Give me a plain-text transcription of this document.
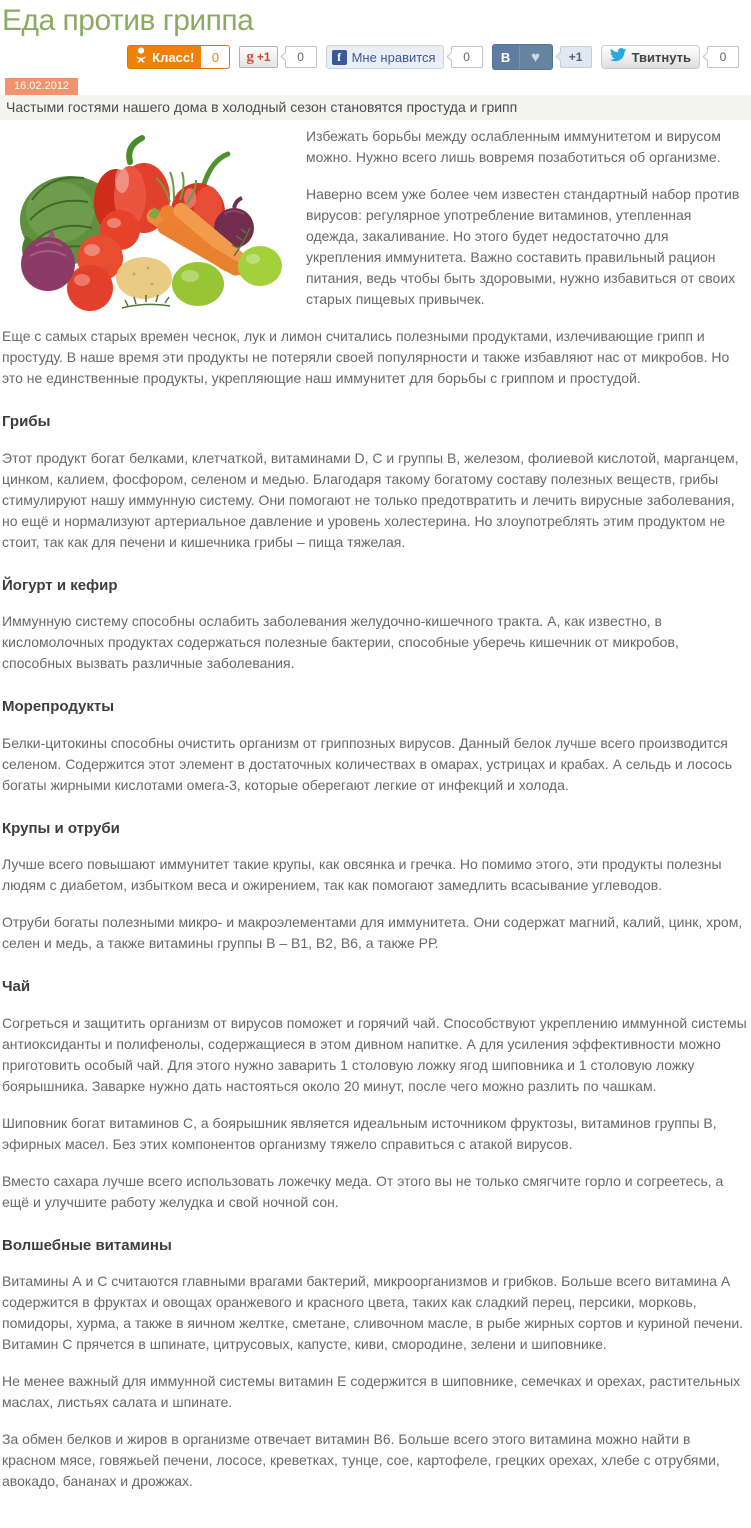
Еда против гриппа
Класс!	0	g +1	0	f Мне нравится	0	В	♥	+1	Твитнуть	0
16.02.2012
Частыми гостями нашего дома в холодный сезон становятся простуда и грипп

Избежать борьбы между ослабленным иммунитетом и вирусом можно. Нужно всего лишь вовремя позаботиться об организме.

Наверно всем уже более чем известен стандартный набор против вирусов: регулярное употребление витаминов, утепленная одежда, закаливание. Но этого будет недостаточно для укрепления иммунитета. Важно составить правильный рацион питания, ведь чтобы быть здоровыми, нужно избавиться от своих старых пищевых привычек.

Еще с самых старых времен чеснок, лук и лимон считались полезными продуктами, излечивающие грипп и простуду. В наше время эти продукты не потеряли своей популярности и также избавляют нас от микробов. Но это не единственные продукты, укрепляющие наш иммунитет для борьбы с гриппом и простудой.

Грибы

Этот продукт богат белками, клетчаткой, витаминами D, C и группы B, железом, фолиевой кислотой, марганцем, цинком, калием, фосфором, селеном и медью. Благодаря такому богатому составу полезных веществ, грибы стимулируют нашу иммунную систему. Они помогают не только предотвратить и лечить вирусные заболевания, но ещё и нормализуют артериальное давление и уровень холестерина. Но злоупотреблять этим продуктом не стоит, так как для печени и кишечника грибы – пища тяжелая.

Йогурт и кефир

Иммунную систему способны ослабить заболевания желудочно-кишечного тракта. А, как известно, в кисломолочных продуктах содержаться полезные бактерии, способные уберечь кишечник от микробов, способных вызвать различные заболевания.

Морепродукты

Белки-цитокины способны очистить организм от гриппозных вирусов. Данный белок лучше всего производится селеном. Содержится этот элемент в достаточных количествах в омарах, устрицах и крабах. А сельдь и лосось богаты жирными кислотами омега-3, которые оберегают легкие от инфекций и холода.

Крупы и отруби

Лучше всего повышают иммунитет такие крупы, как овсянка и гречка. Но помимо этого, эти продукты полезны людям с диабетом, избытком веса и ожирением, так как помогают замедлить всасывание углеводов.

Отруби богаты полезными микро- и макроэлементами для иммунитета. Они содержат магний, калий, цинк, хром, селен и медь, а также витамины группы В – В1, В2, В6, а также РР.

Чай

Согреться и защитить организм от вирусов поможет и горячий чай. Способствуют укреплению иммунной системы антиоксиданты и полифенолы, содержащиеся в этом дивном напитке. А для усиления эффективности можно приготовить особый чай. Для этого нужно заварить 1 столовую ложку ягод шиповника и 1 столовую ложку боярышника. Заварке нужно дать настояться около 20 минут, после чего можно разлить по чашкам.

Шиповник богат витаминов С, а боярышник является идеальным источником фруктозы, витаминов группы В, эфирных масел. Без этих компонентов организму тяжело справиться с атакой вирусов.

Вместо сахара лучше всего использовать ложечку меда. От этого вы не только смягчите горло и согреетесь, а ещё и улучшите работу желудка и свой ночной сон.

Волшебные витамины

Витамины А и С считаются главными врагами бактерий, микроорганизмов и грибков. Больше всего витамина А содержится в фруктах и овощах оранжевого и красного цвета, таких как сладкий перец, персики, морковь, помидоры, хурма, а также в яичном желтке, сметане, сливочном масле, в рыбе жирных сортов и куриной печени. Витамин С прячется в шпинате, цитрусовых, капусте, киви, смородине, зелени и шиповнике.

Не менее важный для иммунной системы витамин Е содержится в шиповнике, семечках и орехах, растительных маслах, листьях салата и шпинате.

За обмен белков и жиров в организме отвечает витамин В6. Больше всего этого витамина можно найти в красном мясе, говяжьей печени, лососе, креветках, тунце, сое, картофеле, грецких орехах, хлебе с отрубями, авокадо, бананах и дрожжах.
